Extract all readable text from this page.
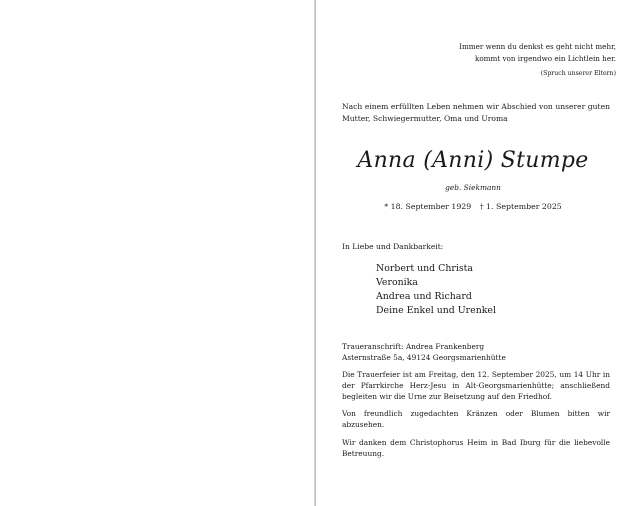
Immer wenn du denkst es geht nicht mehr,
kommt von irgendwo ein Lichtlein her.
(Spruch unserer Eltern)
Nach einem erfüllten Leben nehmen wir Abschied von unserer guten Mutter, Schwiegermutter, Oma und Uroma
Anna (Anni) Stumpe
geb. Siekmann
* 18. September 1929 † 1. September 2025
In Liebe und Dankbarkeit:
Norbert und Christa
Veronika
Andrea und Richard
Deine Enkel und Urenkel
Traueranschrift: Andrea Frankenberg
Asternstraße 5a, 49124 Georgsmarienhütte
Die Trauerfeier ist am Freitag, den 12. September 2025, um 14 Uhr in der Pfarrkirche Herz-Jesu in Alt-Georgsmarienhütte; anschließend begleiten wir die Urne zur Beisetzung auf den Friedhof.
Von freundlich zugedachten Kränzen oder Blumen bitten wir abzusehen.
Wir danken dem Christophorus Heim in Bad Iburg für die liebevolle Betreuung.
